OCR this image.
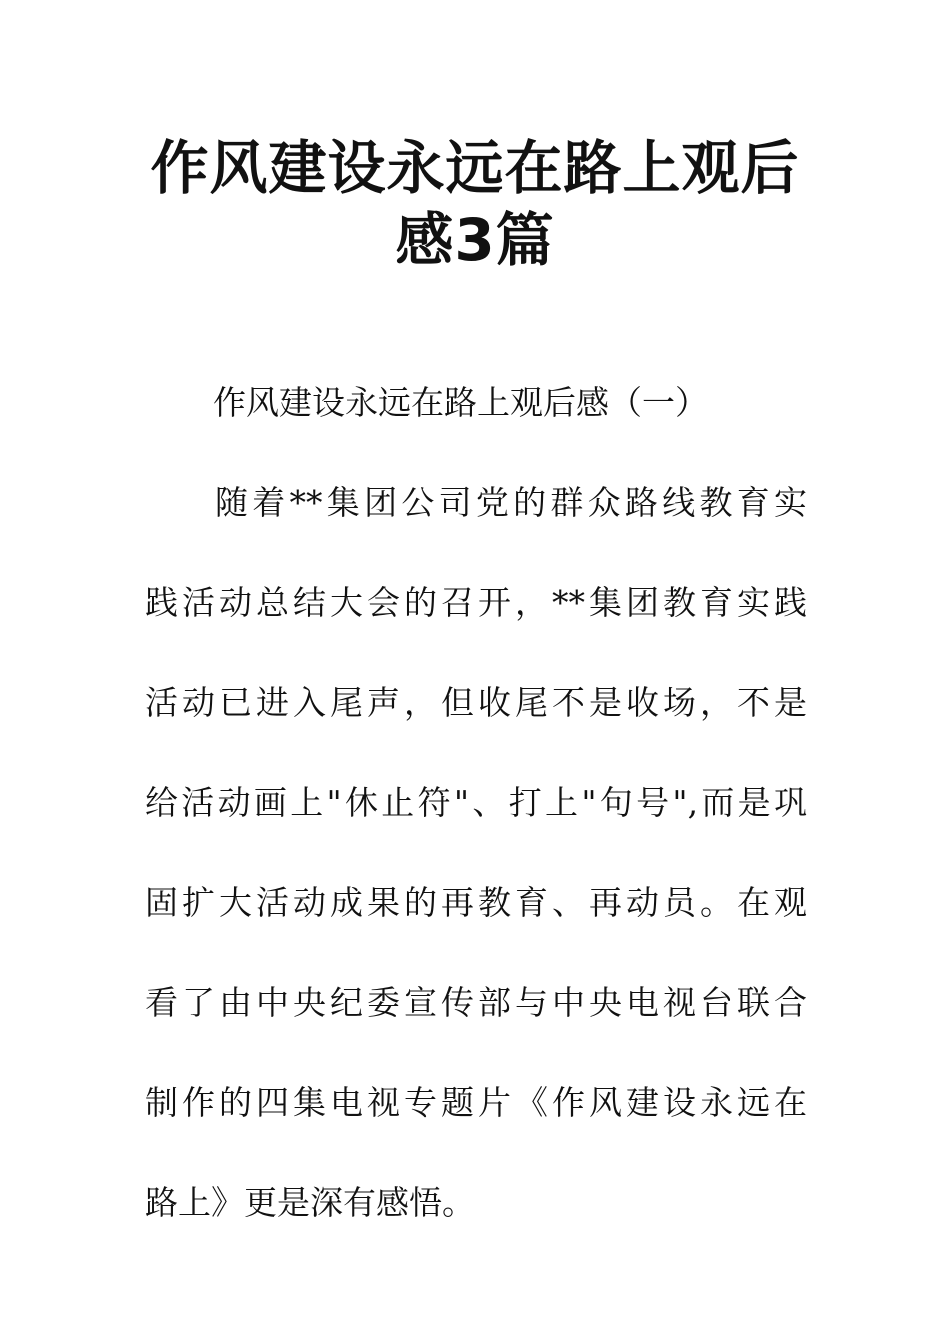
作风建设永远在路上观后
感3篇

作风建设永远在路上观后感（一）

随着**集团公司党的群众路线教育实

践活动总结大会的召开，**集团教育实践

活动已进入尾声，但收尾不是收场，不是

给活动画上"休止符"、打上"句号",而是巩

固扩大活动成果的再教育、再动员。在观

看了由中央纪委宣传部与中央电视台联合

制作的四集电视专题片《作风建设永远在

路上》更是深有感悟。
